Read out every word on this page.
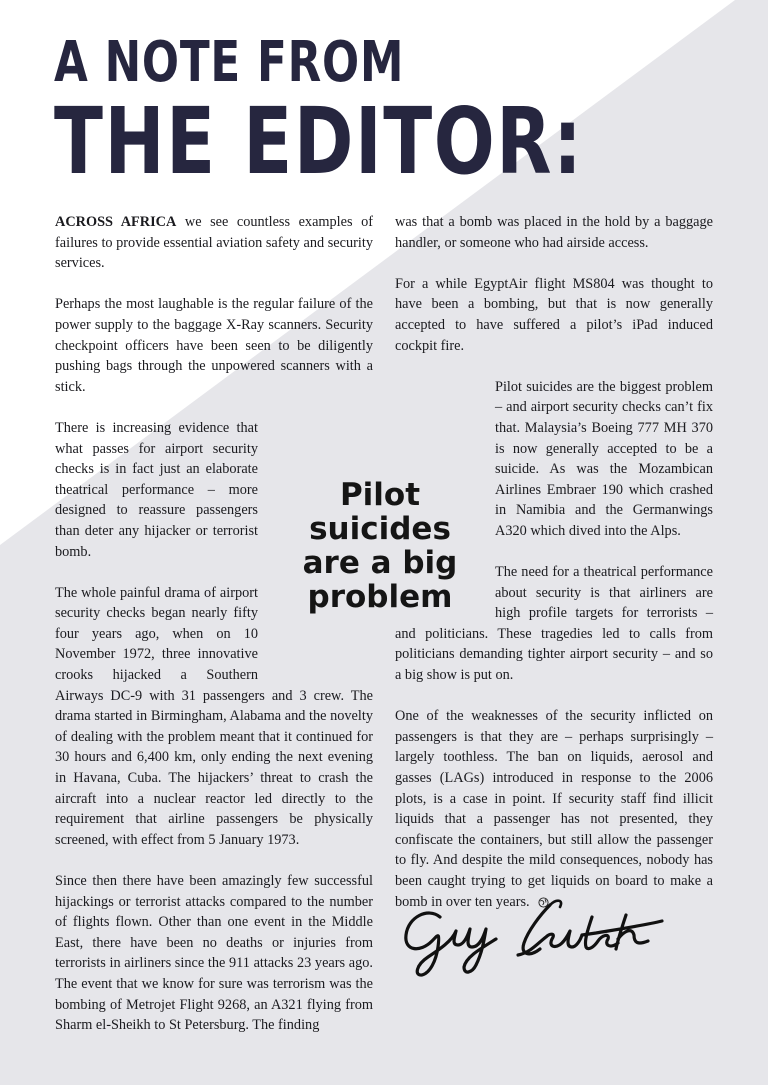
A NOTE FROM
THE EDITOR:

ACROSS AFRICA we see countless examples of failures to provide essential aviation safety and security services.

Perhaps the most laughable is the regular failure of the power supply to the baggage X-Ray scanners. Security checkpoint officers have been seen to be diligently pushing bags through the unpowered scanners with a stick.

There is increasing evidence that what passes for airport security checks is in fact just an elaborate theatrical performance – more designed to reassure passengers than deter any hijacker or terrorist bomb.

The whole painful drama of airport security checks began nearly fifty four years ago, when on 10 November 1972, three innovative crooks hijacked a Southern Airways DC-9 with 31 passengers and 3 crew. The drama started in Birmingham, Alabama and the novelty of dealing with the problem meant that it continued for 30 hours and 6,400 km, only ending the next evening in Havana, Cuba. The hijackers’ threat to crash the aircraft into a nuclear reactor led directly to the requirement that airline passengers be physically screened, with effect from 5 January 1973.

Since then there have been amazingly few successful hijackings or terrorist attacks compared to the number of flights flown. Other than one event in the Middle East, there have been no deaths or injuries from terrorists in airliners since the 911 attacks 23 years ago. The event that we know for sure was terrorism was the bombing of Metrojet Flight 9268, an A321 flying from Sharm el-Sheikh to St Petersburg. The finding

was that a bomb was placed in the hold by a baggage handler, or someone who had airside access.

For a while EgyptAir flight MS804 was thought to have been a bombing, but that is now generally accepted to have suffered a pilot’s iPad induced cockpit fire.

Pilot suicides are the biggest problem – and airport security checks can’t fix that. Malaysia’s Boeing 777 MH 370 is now generally accepted to be a suicide. As was the Mozambican Airlines Embraer 190 which crashed in Namibia and the Germanwings A320 which dived into the Alps.

The need for a theatrical performance about security is that airliners are high profile targets for terrorists – and politicians. These tragedies led to calls from politicians demanding tighter airport security – and so a big show is put on.

One of the weaknesses of the security inflicted on passengers is that they are – perhaps surprisingly – largely toothless. The ban on liquids, aerosol and gasses (LAGs) introduced in response to the 2006 plots, is a case in point. If security staff find illicit liquids that a passenger has not presented, they confiscate the containers, but still allow the passenger to fly. And despite the mild consequences, nobody has been caught trying to get liquids on board to make a bomb in over ten years.

Pilot
suicides
are a big
problem
